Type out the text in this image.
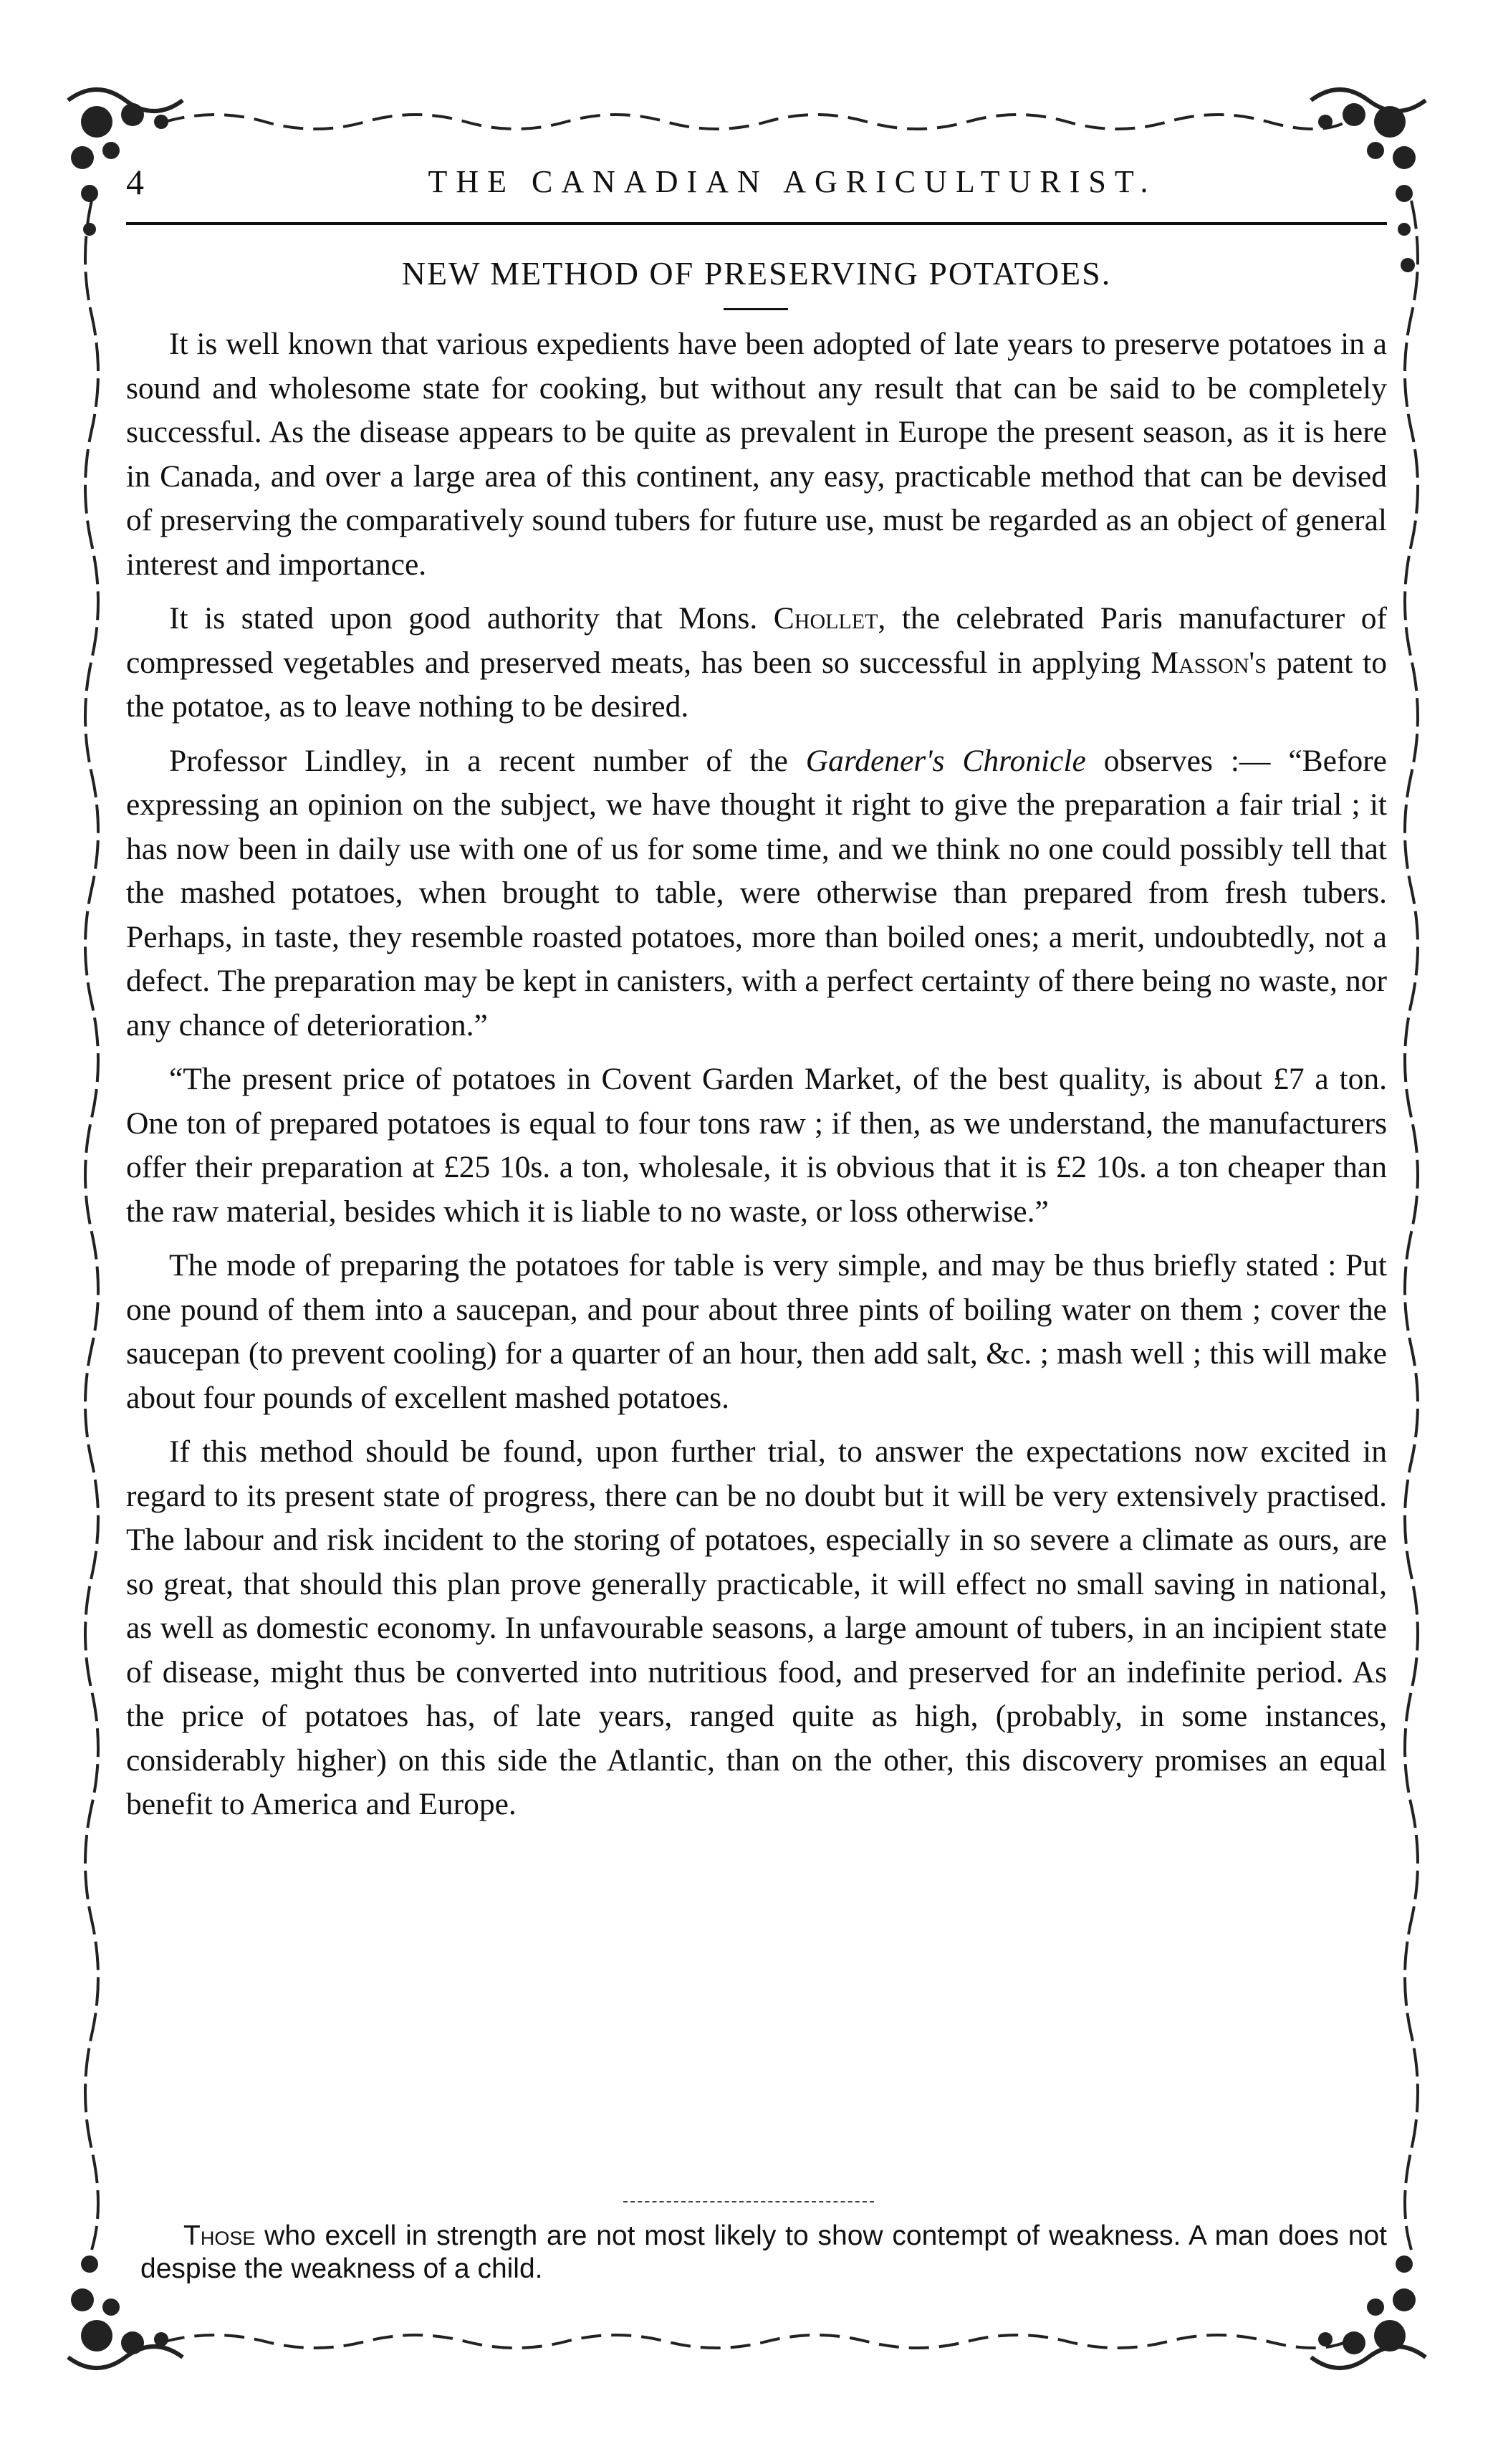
4	THE CANADIAN AGRICULTURIST.
NEW METHOD OF PRESERVING POTATOES.

It is well known that various expedients have been adopted of late years to preserve potatoes in a sound and wholesome state for cooking, but without any result that can be said to be completely successful. As the disease appears to be quite as prevalent in Europe the present season, as it is here in Canada, and over a large area of this continent, any easy, practicable method that can be devised of preserving the comparatively sound tubers for future use, must be regarded as an object of general interest and importance.

It is stated upon good authority that Mons. Chollet, the celebrated Paris manufacturer of compressed vegetables and preserved meats, has been so successful in applying Masson's patent to the potatoe, as to leave nothing to be desired.

Professor Lindley, in a recent number of the Gardener's Chronicle observes :— “Before expressing an opinion on the subject, we have thought it right to give the preparation a fair trial ; it has now been in daily use with one of us for some time, and we think no one could possibly tell that the mashed potatoes, when brought to table, were otherwise than prepared from fresh tubers. Perhaps, in taste, they resemble roasted potatoes, more than boiled ones; a merit, undoubtedly, not a defect. The preparation may be kept in canisters, with a perfect certainty of there being no waste, nor any chance of deterioration.”

“The present price of potatoes in Covent Garden Market, of the best quality, is about £7 a ton. One ton of prepared potatoes is equal to four tons raw ; if then, as we understand, the manufacturers offer their preparation at £25 10s. a ton, wholesale, it is obvious that it is £2 10s. a ton cheaper than the raw material, besides which it is liable to no waste, or loss otherwise.”

The mode of preparing the potatoes for table is very simple, and may be thus briefly stated : Put one pound of them into a saucepan, and pour about three pints of boiling water on them ; cover the saucepan (to prevent cooling) for a quarter of an hour, then add salt, &c. ; mash well ; this will make about four pounds of excellent mashed potatoes.

If this method should be found, upon further trial, to answer the expectations now excited in regard to its present state of progress, there can be no doubt but it will be very extensively practised. The labour and risk incident to the storing of potatoes, especially in so severe a climate as ours, are so great, that should this plan prove generally practicable, it will effect no small saving in national, as well as domestic economy. In unfavourable seasons, a large amount of tubers, in an incipient state of disease, might thus be converted into nutritious food, and preserved for an indefinite period. As the price of potatoes has, of late years, ranged quite as high, (probably, in some instances, considerably higher) on this side the Atlantic, than on the other, this discovery promises an equal benefit to America and Europe.

Those who excell in strength are not most likely to show contempt of weakness. A man does not despise the weakness of a child.
